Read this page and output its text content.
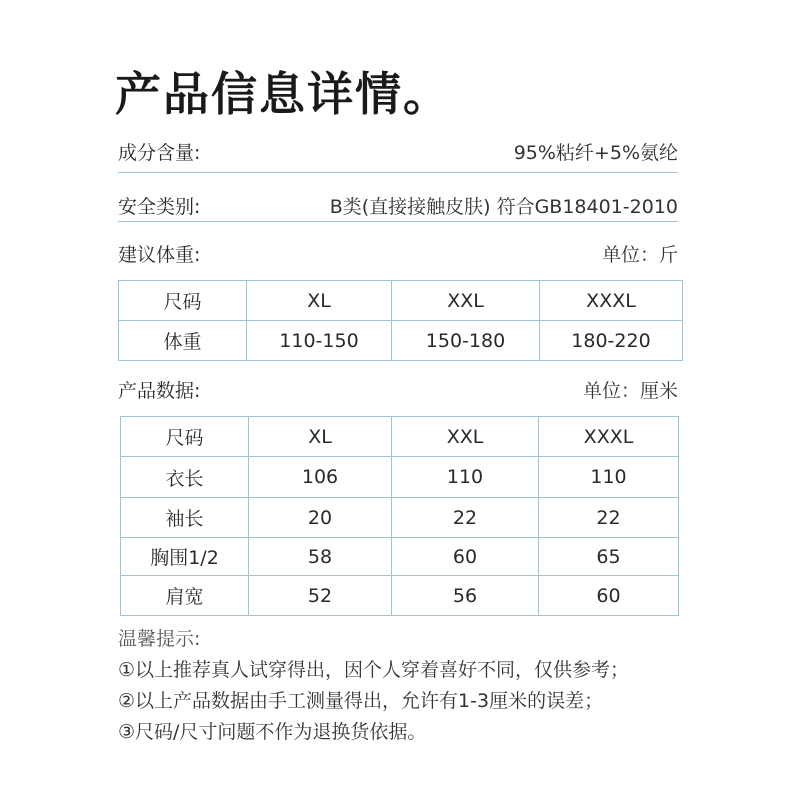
产品信息详情。
成分含量:	95%粘纤+5%氨纶
安全类别:	B类(直接接触皮肤) 符合GB18401-2010
建议体重:	单位：斤
尺码	XL	XXL	XXXL
体重	110-150	150-180	180-220
产品数据:	单位：厘米
尺码	XL	XXL	XXXL
衣长	106	110	110
袖长	20	22	22
胸围1/2	58	60	65
肩宽	52	56	60
温馨提示:
①以上推荐真人试穿得出，因个人穿着喜好不同，仅供参考；
②以上产品数据由手工测量得出，允许有1-3厘米的误差；
③尺码/尺寸问题不作为退换货依据。
